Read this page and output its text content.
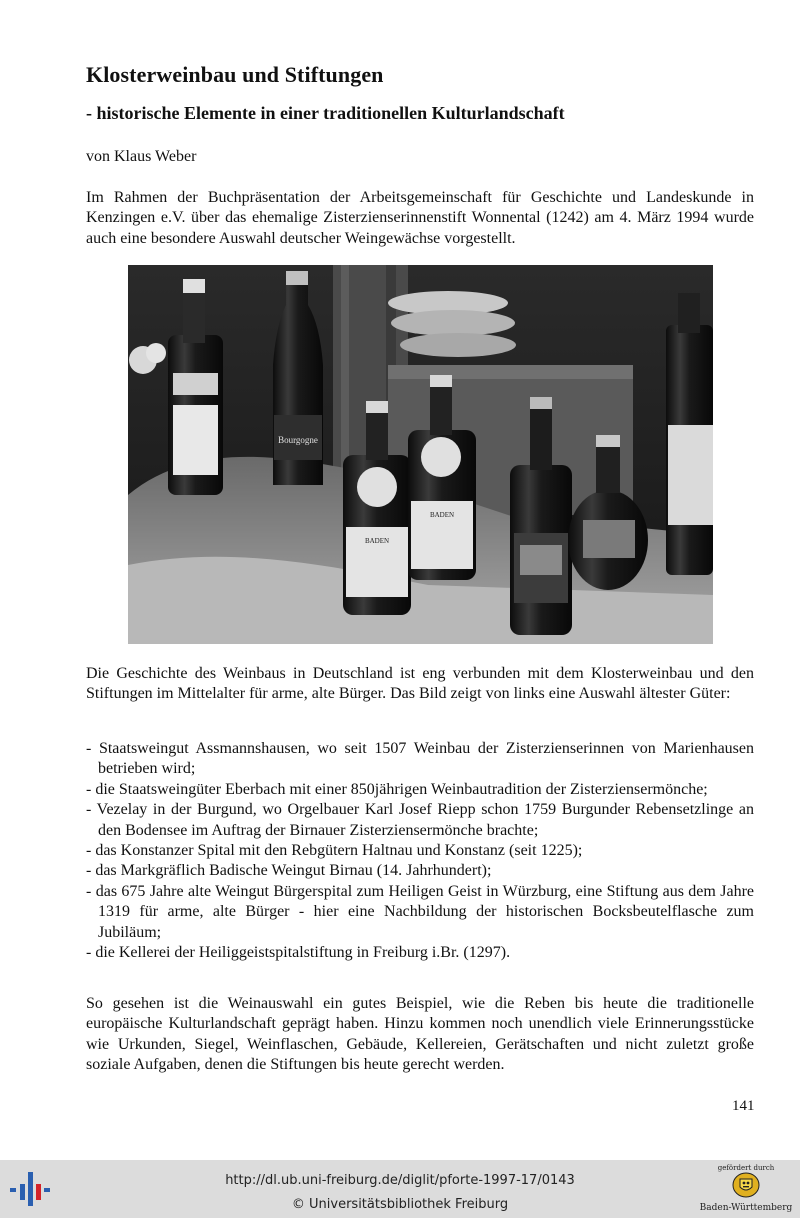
Klosterweinbau und Stiftungen
- historische Elemente in einer traditionellen Kulturlandschaft
von Klaus Weber

Im Rahmen der Buchpräsentation der Arbeitsgemeinschaft für Geschichte und Landeskunde in Kenzingen e.V. über das ehemalige Zisterzienserinnenstift Wonnental (1242) am 4. März 1994 wurde auch eine besondere Auswahl deutscher Weingewächse vorgestellt.

Bourgogne
BADEN
BADEN

Die Geschichte des Weinbaus in Deutschland ist eng verbunden mit dem Klosterweinbau und den Stiftungen im Mittelalter für arme, alte Bürger. Das Bild zeigt von links eine Auswahl ältester Güter:

- Staatsweingut Assmannshausen, wo seit 1507 Weinbau der Zisterzienserinnen von Marienhausen betrieben wird;
- die Staatsweingüter Eberbach mit einer 850jährigen Weinbautradition der Zisterziensermönche;
- Vezelay in der Burgund, wo Orgelbauer Karl Josef Riepp schon 1759 Burgunder Rebensetzlinge an den Bodensee im Auftrag der Birnauer Zisterziensermönche brachte;
- das Konstanzer Spital mit den Rebgütern Haltnau und Konstanz (seit 1225);
- das Markgräflich Badische Weingut Birnau (14. Jahrhundert);
- das 675 Jahre alte Weingut Bürgerspital zum Heiligen Geist in Würzburg, eine Stiftung aus dem Jahre 1319 für arme, alte Bürger - hier eine Nachbildung der historischen Bocksbeutelflasche zum Jubiläum;
- die Kellerei der Heiliggeistspitalstiftung in Freiburg i.Br. (1297).

So gesehen ist die Weinauswahl ein gutes Beispiel, wie die Reben bis heute die traditionelle europäische Kulturlandschaft geprägt haben. Hinzu kommen noch unendlich viele Erinnerungsstücke wie Urkunden, Siegel, Weinflaschen, Gebäude, Kellereien, Gerätschaften und nicht zuletzt große soziale Aufgaben, denen die Stiftungen bis heute gerecht werden.

141
http://dl.ub.uni-freiburg.de/diglit/pforte-1997-17/0143
© Universitätsbibliothek Freiburg
gefördert durch
Baden-Württemberg
